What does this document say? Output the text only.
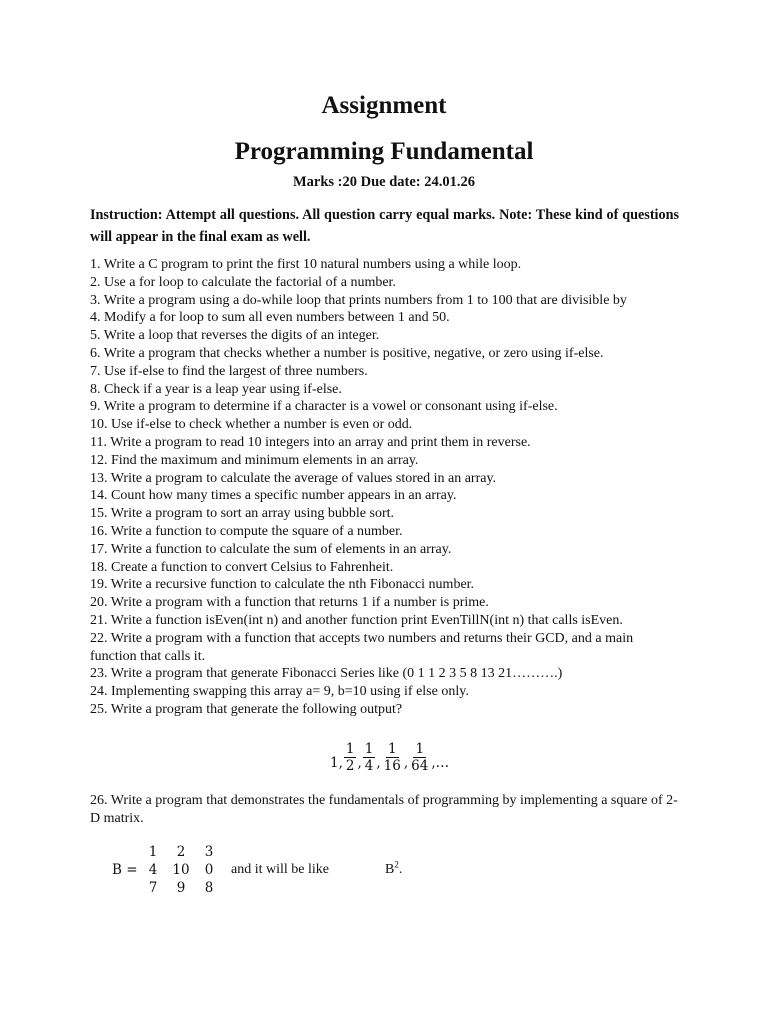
Assignment
Programming Fundamental
Marks :20 Due date: 24.01.26

Instruction: Attempt all questions. All question carry equal marks. Note: These kind of questions will appear in the final exam as well.

1. Write a C program to print the first 10 natural numbers using a while loop.
2. Use a for loop to calculate the factorial of a number.
3. Write a program using a do-while loop that prints numbers from 1 to 100 that are divisible by
4. Modify a for loop to sum all even numbers between 1 and 50.
5. Write a loop that reverses the digits of an integer.
6. Write a program that checks whether a number is positive, negative, or zero using if-else.
7. Use if-else to find the largest of three numbers.
8. Check if a year is a leap year using if-else.
9. Write a program to determine if a character is a vowel or consonant using if-else.
10. Use if-else to check whether a number is even or odd.
11. Write a program to read 10 integers into an array and print them in reverse.
12. Find the maximum and minimum elements in an array.
13. Write a program to calculate the average of values stored in an array.
14. Count how many times a specific number appears in an array.
15. Write a program to sort an array using bubble sort.
16. Write a function to compute the square of a number.
17. Write a function to calculate the sum of elements in an array.
18. Create a function to convert Celsius to Fahrenheit.
19. Write a recursive function to calculate the nth Fibonacci number.
20. Write a program with a function that returns 1 if a number is prime.
21. Write a function isEven(int n) and another function print EvenTillN(int n) that calls isEven.
22. Write a program with a function that accepts two numbers and returns their GCD, and a main function that calls it.
23. Write a program that generate Fibonacci Series like (0 1 1 2 3 5 8 13 21……….)
24. Implementing swapping this array a= 9, b=10 using if else only.
25. Write a program that generate the following output?
1 , $\frac{1}{2}$ , $\frac{1}{4}$ , $\frac{1}{16}$ , $\frac{1}{64}$ , …

26. Write a program that demonstrates the fundamentals of programming by implementing a square of 2-D matrix.

B =
1	2	3
4	10	0
7	9	8
and it will be like	$B^2$.
